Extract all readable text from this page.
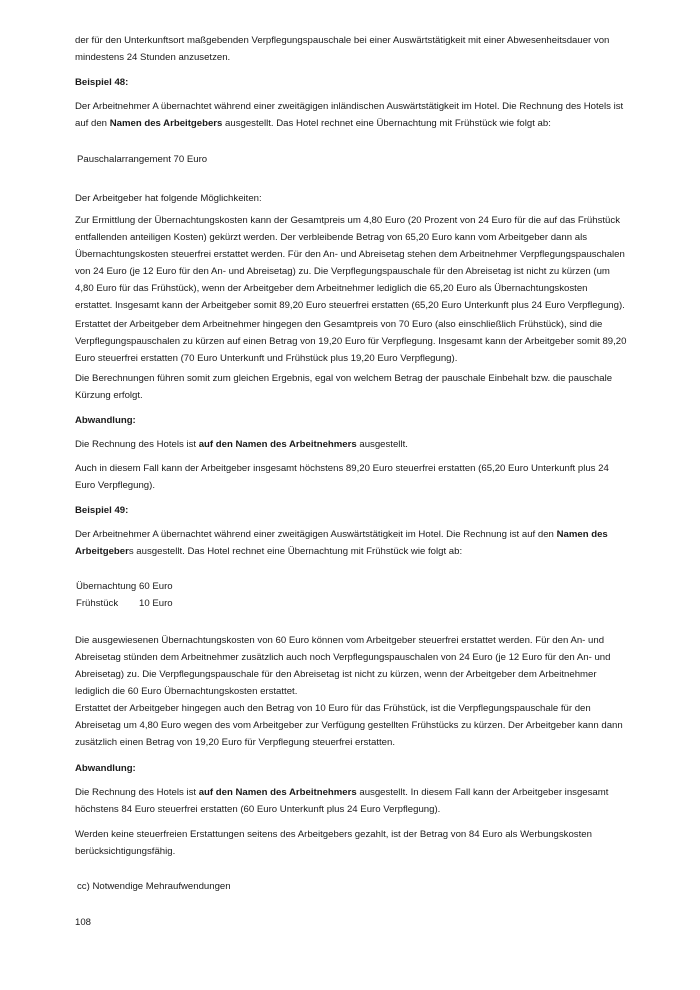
der für den Unterkunftsort maßgebenden Verpflegungspauschale bei einer Auswärtstätigkeit mit einer Abwesenheitsdauer von mindestens 24 Stunden anzusetzen.

Beispiel 48:

Der Arbeitnehmer A übernachtet während einer zweitägigen inländischen Auswärtstätigkeit im Hotel. Die Rechnung des Hotels ist auf den Namen des Arbeitgebers ausgestellt. Das Hotel rechnet eine Übernachtung mit Frühstück wie folgt ab:

Pauschalarrangement 70 Euro

Der Arbeitgeber hat folgende Möglichkeiten:

Zur Ermittlung der Übernachtungskosten kann der Gesamtpreis um 4,80 Euro (20 Prozent von 24 Euro für die auf das Frühstück entfallenden anteiligen Kosten) gekürzt werden. Der verbleibende Betrag von 65,20 Euro kann vom Arbeitgeber dann als Übernachtungskosten steuerfrei erstattet werden. Für den An- und Abreisetag stehen dem Arbeitnehmer Verpflegungspauschalen von 24 Euro (je 12 Euro für den An- und Abreisetag) zu. Die Verpflegungspauschale für den Abreisetag ist nicht zu kürzen (um 4,80 Euro für das Frühstück), wenn der Arbeitgeber dem Arbeitnehmer lediglich die 65,20 Euro als Übernachtungskosten erstattet. Insgesamt kann der Arbeitgeber somit 89,20 Euro steuerfrei erstatten (65,20 Euro Unterkunft plus 24 Euro Verpflegung).

Erstattet der Arbeitgeber dem Arbeitnehmer hingegen den Gesamtpreis von 70 Euro (also einschließlich Frühstück), sind die Verpflegungspauschalen zu kürzen auf einen Betrag von 19,20 Euro für Verpflegung. Insgesamt kann der Arbeitgeber somit 89,20 Euro steuerfrei erstatten (70 Euro Unterkunft und Frühstück plus 19,20 Euro Verpflegung).

Die Berechnungen führen somit zum gleichen Ergebnis, egal von welchem Betrag der pauschale Einbehalt bzw. die pauschale Kürzung erfolgt.

Abwandlung:

Die Rechnung des Hotels ist auf den Namen des Arbeitnehmers ausgestellt.

Auch in diesem Fall kann der Arbeitgeber insgesamt höchstens 89,20 Euro steuerfrei erstatten (65,20 Euro Unterkunft plus 24 Euro Verpflegung).

Beispiel 49:

Der Arbeitnehmer A übernachtet während einer zweitägigen Auswärtstätigkeit im Hotel. Die Rechnung ist auf den Namen des Arbeitgebers ausgestellt. Das Hotel rechnet eine Übernachtung mit Frühstück wie folgt ab:

Übernachtung 60 Euro
Frühstück 10 Euro

Die ausgewiesenen Übernachtungskosten von 60 Euro können vom Arbeitgeber steuerfrei erstattet werden. Für den An- und Abreisetag stünden dem Arbeitnehmer zusätzlich auch noch Verpflegungspauschalen von 24 Euro (je 12 Euro für den An- und Abreisetag) zu. Die Verpflegungspauschale für den Abreisetag ist nicht zu kürzen, wenn der Arbeitgeber dem Arbeitnehmer lediglich die 60 Euro Übernachtungskosten erstattet.

Erstattet der Arbeitgeber hingegen auch den Betrag von 10 Euro für das Frühstück, ist die Verpflegungspauschale für den Abreisetag um 4,80 Euro wegen des vom Arbeitgeber zur Verfügung gestellten Frühstücks zu kürzen. Der Arbeitgeber kann dann zusätzlich einen Betrag von 19,20 Euro für Verpflegung steuerfrei erstatten.

Abwandlung:

Die Rechnung des Hotels ist auf den Namen des Arbeitnehmers ausgestellt. In diesem Fall kann der Arbeitgeber insgesamt höchstens 84 Euro steuerfrei erstatten (60 Euro Unterkunft plus 24 Euro Verpflegung).

Werden keine steuerfreien Erstattungen seitens des Arbeitgebers gezahlt, ist der Betrag von 84 Euro als Werbungskosten berücksichtigungsfähig.

cc) Notwendige Mehraufwendungen

108
